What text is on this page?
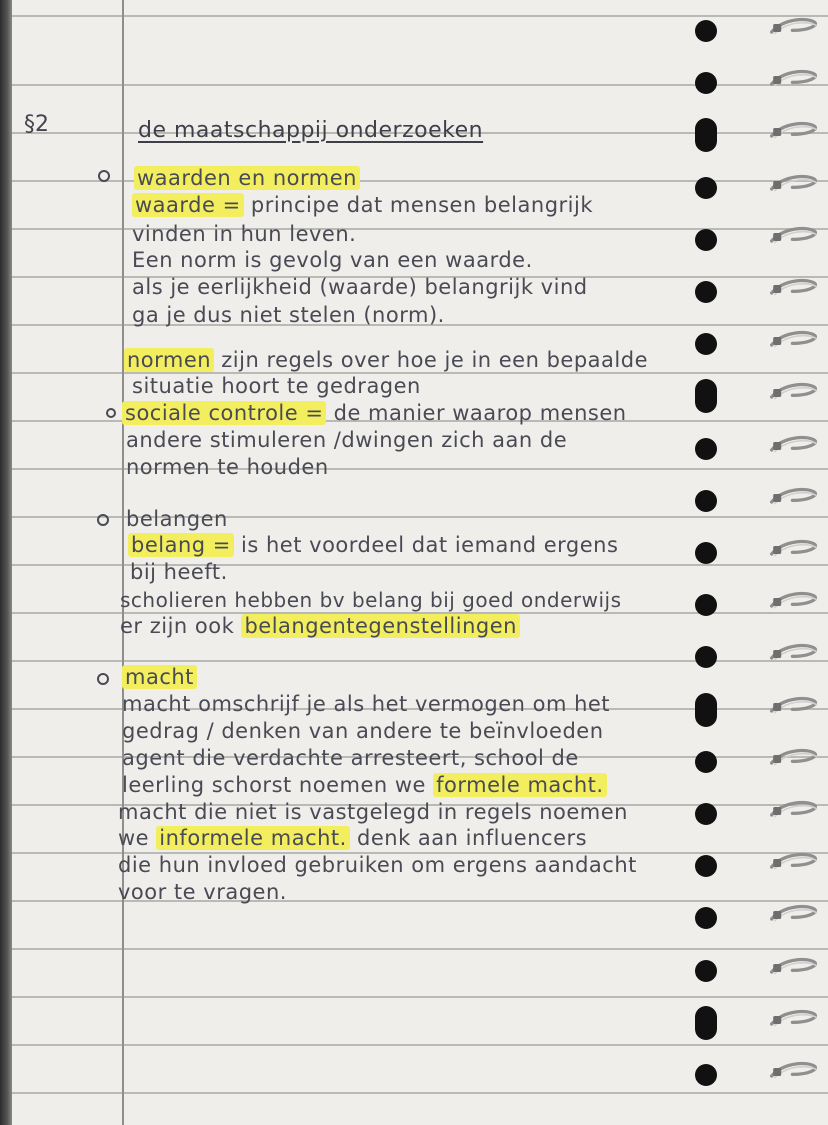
§2	de maatschappij onderzoeken
waarden en normen
waarde = principe dat mensen belangrijk
vinden in hun leven.
Een norm is gevolg van een waarde.
als je eerlijkheid (waarde) belangrijk vind
ga je dus niet stelen (norm).
normen zijn regels over hoe je in een bepaalde
situatie hoort te gedragen
sociale controle = de manier waarop mensen
andere stimuleren /dwingen zich aan de
normen te houden
belangen
belang = is het voordeel dat iemand ergens
bij heeft.
scholieren hebben bv belang bij goed onderwijs
er zijn ook belangentegenstellingen
macht
macht omschrijf je als het vermogen om het
gedrag / denken van andere te beïnvloeden
agent die verdachte arresteert, school de
leerling schorst noemen we formele macht.
macht die niet is vastgelegd in regels noemen
we informele macht. denk aan influencers
die hun invloed gebruiken om ergens aandacht
voor te vragen.
